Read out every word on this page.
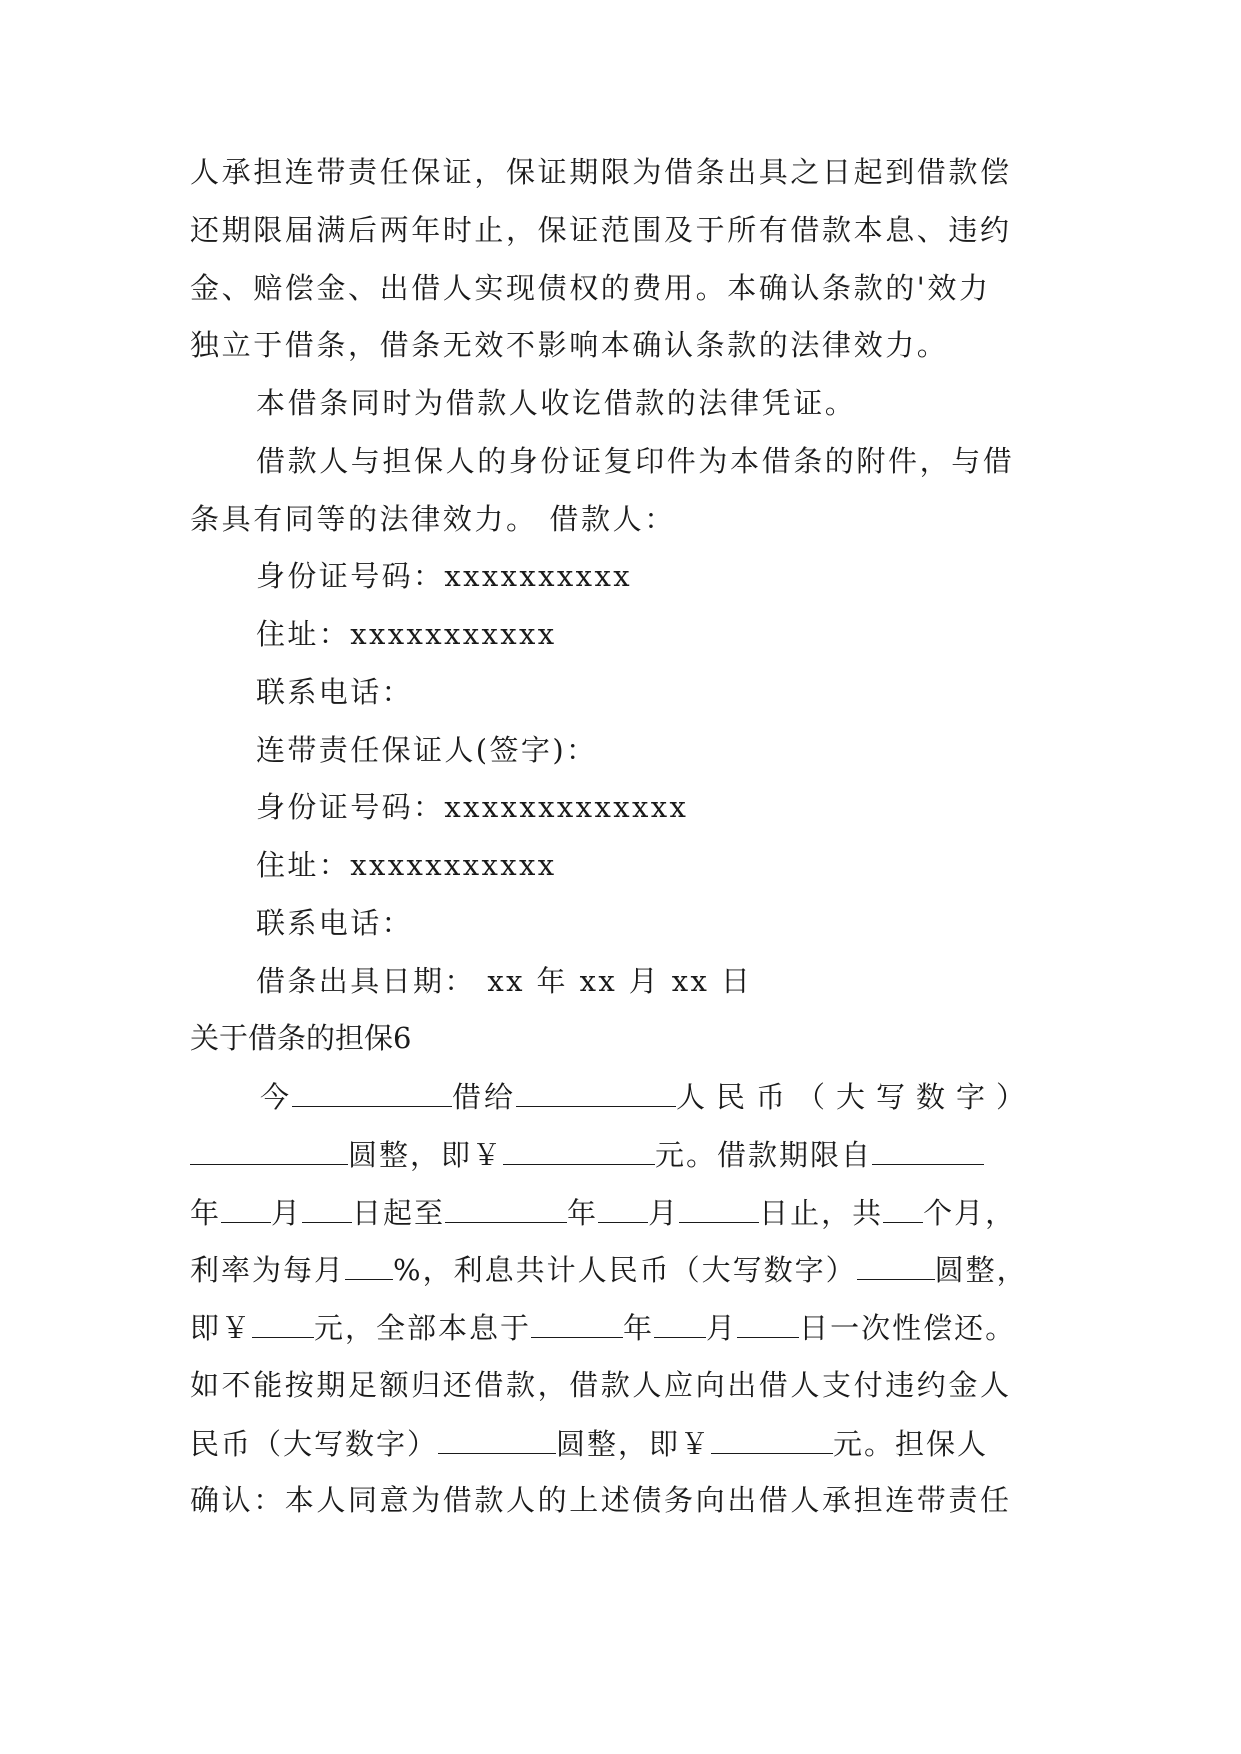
人承担连带责任保证，保证期限为借条出具之日起到借款偿
还期限届满后两年时止，保证范围及于所有借款本息、违约
金、赔偿金、出借人实现债权的费用。本确认条款的'效力
独立于借条，借条无效不影响本确认条款的法律效力。
本借条同时为借款人收讫借款的法律凭证。
借款人与担保人的身份证复印件为本借条的附件，与借
条具有同等的法律效力。 借款人：
身份证号码：xxxxxxxxxx
住址：xxxxxxxxxxx
联系电话：
连带责任保证人(签字)：
身份证号码：xxxxxxxxxxxxx
住址：xxxxxxxxxxx
联系电话：
借条出具日期： xx 年 xx 月 xx 日
关于借条的担保6
今	借给	人民币（大写数字）
圆整，即￥	元。借款期限自
年 月 日起至	年 月	日止，共 个月，
利率为每月 %，利息共计人民币（大写数字）	圆整，
即￥ 元，全部本息于	年 月 日一次性偿还。
如不能按期足额归还借款，借款人应向出借人支付违约金人
民币（大写数字）	圆整，即￥	元。担保人
确认：本人同意为借款人的上述债务向出借人承担连带责任
